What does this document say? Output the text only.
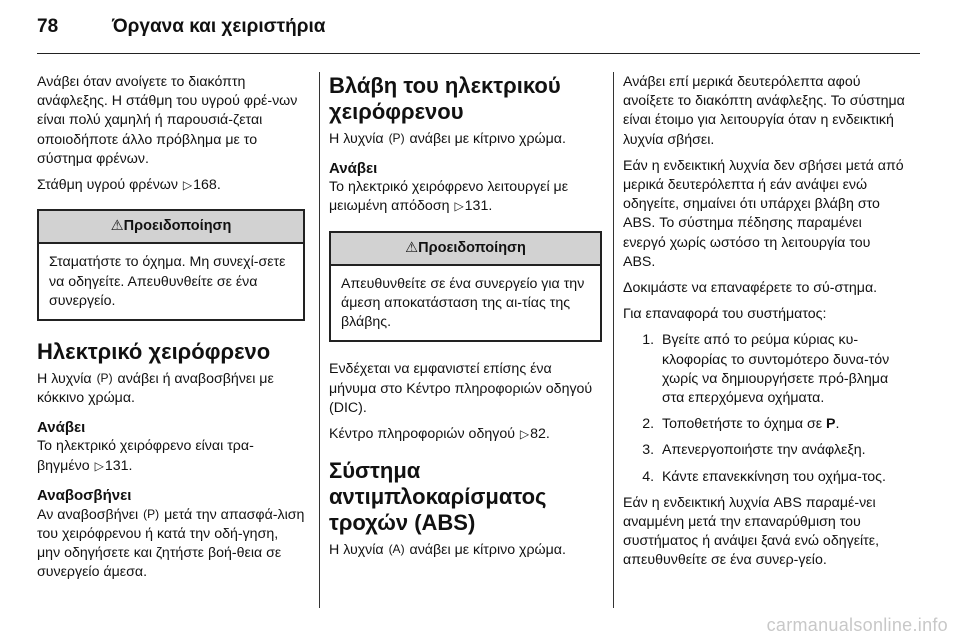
78	Όργανα και χειριστήρια

Ανάβει όταν ανοίγετε το διακόπτη ανάφλεξης. Η στάθμη του υγρού φρέ-νων είναι πολύ χαμηλή ή παρουσιά-ζεται οποιοδήποτε άλλο πρόβλημα με το σύστημα φρένων.

Στάθμη υγρού φρένων ▷168.

⚠Προειδοποίηση
Σταματήστε το όχημα. Μη συνεχί-σετε να οδηγείτε. Απευθυνθείτε σε ένα συνεργείο.
Ηλεκτρικό χειρόφρενο

Η λυχνία (P) ανάβει ή αναβοσβήνει με κόκκινο χρώμα.

Ανάβει

Το ηλεκτρικό χειρόφρενο είναι τρα-βηγμένο ▷131.

Αναβοσβήνει

Αν αναβοσβήνει (P) μετά την απασφά-λιση του χειρόφρενου ή κατά την οδή-γηση, μην οδηγήσετε και ζητήστε βοή-θεια σε συνεργείο άμεσα.

Βλάβη του ηλεκτρικού χειρόφρενου

Η λυχνία (P) ανάβει με κίτρινο χρώμα.

Ανάβει

Το ηλεκτρικό χειρόφρενο λειτουργεί με μειωμένη απόδοση ▷131.

⚠Προειδοποίηση
Απευθυνθείτε σε ένα συνεργείο για την άμεση αποκατάσταση της αι-τίας της βλάβης.

Ενδέχεται να εμφανιστεί επίσης ένα μήνυμα στο Κέντρο πληροφοριών οδηγού (DIC).

Κέντρο πληροφοριών οδηγού ▷82.

Σύστημα αντιμπλοκαρίσματος τροχών (ABS)

Η λυχνία (A) ανάβει με κίτρινο χρώμα.

Ανάβει επί μερικά δευτερόλεπτα αφού ανοίξετε το διακόπτη ανάφλεξης. Το σύστημα είναι έτοιμο για λειτουργία όταν η ενδεικτική λυχνία σβήσει.

Εάν η ενδεικτική λυχνία δεν σβήσει μετά από μερικά δευτερόλεπτα ή εάν ανάψει ενώ οδηγείτε, σημαίνει ότι υπάρχει βλάβη στο ABS. Το σύστημα πέδησης παραμένει ενεργό χωρίς ωστόσο τη λειτουργία του ABS.

Δοκιμάστε να επαναφέρετε το σύ-στημα.

Για επαναφορά του συστήματος:

1. Βγείτε από το ρεύμα κύριας κυ-κλοφορίας το συντομότερο δυνα-τόν χωρίς να δημιουργήσετε πρό-βλημα στα επερχόμενα οχήματα.
2. Τοποθετήστε το όχημα σε P.
3. Απενεργοποιήστε την ανάφλεξη.
4. Κάντε επανεκκίνηση του οχήμα-τος.

Εάν η ενδεικτική λυχνία ABS παραμέ-νει αναμμένη μετά την επαναρύθμιση του συστήματος ή ανάψει ξανά ενώ οδηγείτε, απευθυνθείτε σε ένα συνερ-γείο.

carmanualsonline.info
